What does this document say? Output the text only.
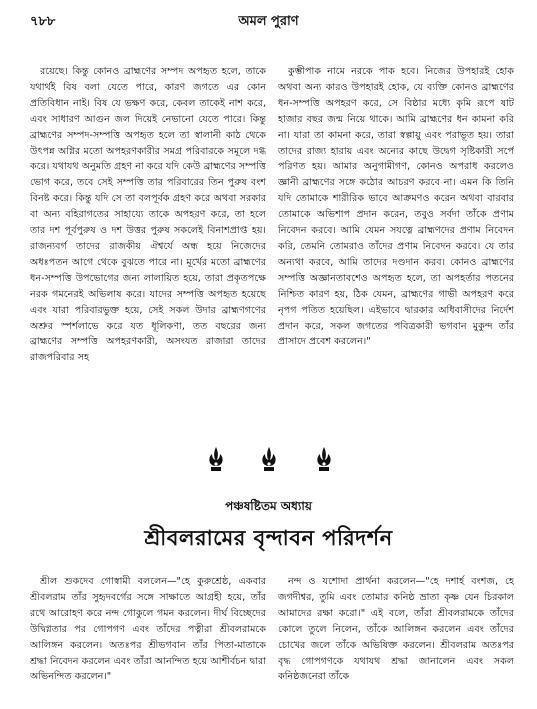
৭৮৮	অমল পুরাণ

রয়েছে। কিন্তু কোনও ব্রাহ্মণের সম্পদ অপহৃত হলে, তাকে যথার্থই বিষ বলা যেতে পারে, কারণ জগতে এর কোন প্রতিবিধান নাই। বিষ যে ভক্ষণ করে, কেবল তাকেই নাশ করে, এবং সাধারণ আগুন জল দিয়েই নেভানো যেতে পারে। কিন্তু ব্রাহ্মণের সম্পদ-সম্পত্তি অপহৃত হলে তা স্বালানী কাঠ থেকে উৎপন্ন অগ্নির মতো অপহরণকারীর সমগ্র পরিবারকে সমূলে দগ্ধ করে। যথাযথ অনুমতি গ্রহণ না করে যদি কেউ ব্রাহ্মণের সম্পত্তি ভোগ করে, তবে সেই সম্পত্তি তার পরিবারের তিন পুরুষ বংশ বিনষ্ট করে। কিন্তু যদি সে তা বলপূর্বক গ্রহণ করে অথবা সরকার বা অন্য বহিরাগতের সাহায্যে তাকে অপহরণ করে, তা হলে তার দশ পূর্বপুরুষ ও দশ উত্তর পুরুষ সকলেই বিনাশপ্রাপ্ত হয়। রাজন্যবর্গ তাদের রাজকীয় ঐশ্বর্যে অন্ধ হয়ে নিজেদের অধঃপতন আগে থেকে বুঝতে পারে না। মূর্খের মতো ব্রাহ্মণের ধন-সম্পত্তি উপভোগের জন্য লালায়িত হয়ে, তারা প্রকৃতপক্ষে নরক গমনেরই অভিলাষ করে। যাদের সম্পত্তি অপহৃত হয়েছে এবং যারা পরিবারভুক্ত হয়ে, সেই সকল উদার ব্রাহ্মণগণের অশ্রুর স্পর্শলাভে করে যত ধূলিকণা, তত বছরের জন্য ব্রাহ্মণের সম্পত্তি অপহরণকারী, অসংযত রাজারা তাদের রাজপরিবার সহ

কুম্ভীপাক নামে নরকে পাক হবে। নিজের উপহারই হোক অথবা অন্য কারও উপহারই হোক, যে ব্যক্তি কোনও ব্রাহ্মণের ধন-সম্পত্তি অপহরণ করে, সে বিষ্ঠার মধ্যে কৃমি রূপে ষাট হাজার বছর জন্ম নিয়ে থাকে। আমি ব্রাহ্মণের ধন কামনা করি না। যারা তা কামনা করে, তারা স্বল্পায়ু এবং পরাভূত হয়। তারা তাদের রাজ্য হারায় এবং অন্যের কাছে উদ্বেগ সৃষ্টিকারী সর্পে পরিণত হয়। আমার অনুগামীগণ, কোনও অপরাধ করলেও জ্ঞানী ব্রাহ্মণের সঙ্গে কঠোর আচরণ করবে না। এমন কি তিনি যদি তোমাকে শারীরিক ভাবে আক্রমণও করেন অথবা বারবার তোমাকে অভিশাপ প্রদান করেন, তবুও সর্বদা তাঁকে প্রণাম নিবেদন করবে। আমি যেমন সযত্নে ব্রাহ্মণদের প্রণাম নিবেদন করি, তেমনি তোমরাও তাঁদের প্রণাম নিবেদন করবে। যে তার অন্যথা করবে, আমি তাদের দণ্ডদান করব। কোনও ব্রাহ্মণের সম্পত্তি অজ্ঞানতাবশেও অপহৃত হলে, তা অপহর্তার পতনের নিশ্চিত কারণ হয়, ঠিক যেমন, ব্রাহ্মণের গাভী অপহরণ করে নৃপগ পতিত হয়েছিল। এইভাবে দ্বারকার অধিবাসীদের নির্দেশ প্রদান করে, সকল জগতের পবিত্রকারী ভগবান মুকুন্দ তাঁর প্রাসাদে প্রবেশ করলেন।"

পঞ্চষষ্টিতম অধ্যায়
শ্রীবলরামের বৃন্দাবন পরিদর্শন

শ্রীল শুকদেব গোস্বামী বললেন—"হে কুরুশ্রেষ্ঠ, একবার শ্রীবলরাম তাঁর সুহৃদবর্গের সঙ্গে সাক্ষাতে আগ্রহী হয়ে, তাঁর রথে আরোহণ করে নন্দ গোকুলে গমন করলেন। দীর্ঘ বিচ্ছেদের উদ্বিগ্নতার পর গোপগণ এবং তাঁদের পত্নীরা শ্রীবলরামকে আলিঙ্গন করলেন। অতঃপর শ্রীভগবান তাঁর পিতা-মাতাকে শ্রদ্ধা নিবেদন করলেন এবং তাঁরা আনন্দিত হয়ে আশীর্বচন দ্বারা অভিনন্দিত করলেন।"

নন্দ ও যশোদা প্রার্থনা করলেন—"হে দশার্হ বংশজ, হে জগদীশ্বর, তুমি এবং তোমার কনিষ্ঠ ভ্রাতা কৃষ্ণ যেন চিরকাল আমাদের রক্ষা করো।" এই বলে, তাঁরা শ্রীবলরামকে তাঁদের কোলে তুলে নিলেন, তাঁকে আলিঙ্গন করলেন এবং তাঁদের চোখের জলে তাঁকে অভিষিক্ত করলেন। শ্রীবলরাম অতঃপর বৃদ্ধ গোপগণকে যথাযথ শ্রদ্ধা জানালেন এবং সকল কনিষ্ঠজনেরা তাঁকে
